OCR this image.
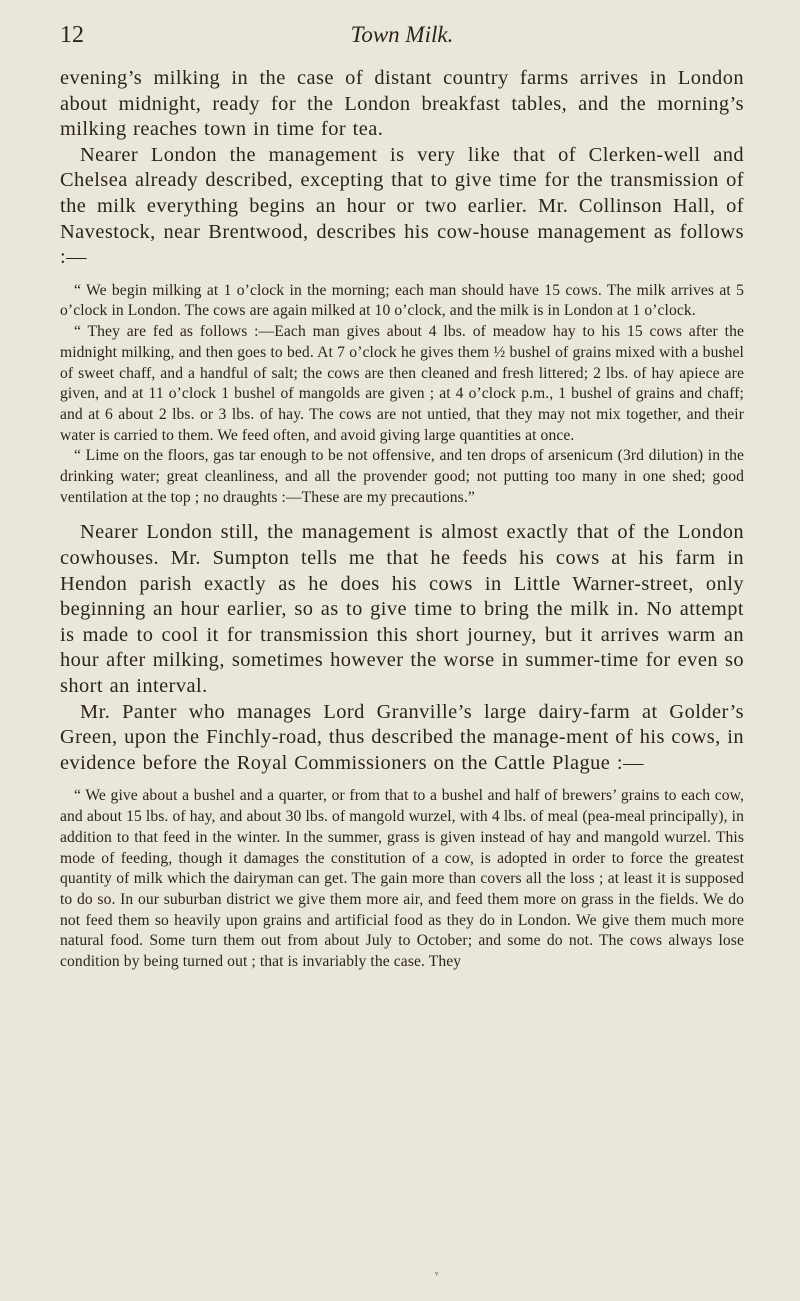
12	Town Milk.

evening’s milking in the case of distant country farms arrives in London about midnight, ready for the London breakfast tables, and the morning’s milking reaches town in time for tea.

Nearer London the management is very like that of Clerken-well and Chelsea already described, excepting that to give time for the transmission of the milk everything begins an hour or two earlier. Mr. Collinson Hall, of Navestock, near Brentwood, describes his cow-house management as follows :—

“ We begin milking at 1 o’clock in the morning; each man should have 15 cows. The milk arrives at 5 o’clock in London. The cows are again milked at 10 o’clock, and the milk is in London at 1 o’clock.

“ They are fed as follows :—Each man gives about 4 lbs. of meadow hay to his 15 cows after the midnight milking, and then goes to bed. At 7 o’clock he gives them ½ bushel of grains mixed with a bushel of sweet chaff, and a handful of salt; the cows are then cleaned and fresh littered; 2 lbs. of hay apiece are given, and at 11 o’clock 1 bushel of mangolds are given ; at 4 o’clock p.m., 1 bushel of grains and chaff; and at 6 about 2 lbs. or 3 lbs. of hay. The cows are not untied, that they may not mix together, and their water is carried to them. We feed often, and avoid giving large quantities at once.

“ Lime on the floors, gas tar enough to be not offensive, and ten drops of arsenicum (3rd dilution) in the drinking water; great cleanliness, and all the provender good; not putting too many in one shed; good ventilation at the top ; no draughts :—These are my precautions.”

Nearer London still, the management is almost exactly that of the London cowhouses. Mr. Sumpton tells me that he feeds his cows at his farm in Hendon parish exactly as he does his cows in Little Warner-street, only beginning an hour earlier, so as to give time to bring the milk in. No attempt is made to cool it for transmission this short journey, but it arrives warm an hour after milking, sometimes however the worse in summer-time for even so short an interval.

Mr. Panter who manages Lord Granville’s large dairy-farm at Golder’s Green, upon the Finchly-road, thus described the manage-ment of his cows, in evidence before the Royal Commissioners on the Cattle Plague :—

“ We give about a bushel and a quarter, or from that to a bushel and half of brewers’ grains to each cow, and about 15 lbs. of hay, and about 30 lbs. of mangold wurzel, with 4 lbs. of meal (pea-meal principally), in addition to that feed in the winter. In the summer, grass is given instead of hay and mangold wurzel. This mode of feeding, though it damages the constitution of a cow, is adopted in order to force the greatest quantity of milk which the dairyman can get. The gain more than covers all the loss ; at least it is supposed to do so. In our suburban district we give them more air, and feed them more on grass in the fields. We do not feed them so heavily upon grains and artificial food as they do in London. We give them much more natural food. Some turn them out from about July to October; and some do not. The cows always lose condition by being turned out ; that is invariably the case. They

ᵛ
